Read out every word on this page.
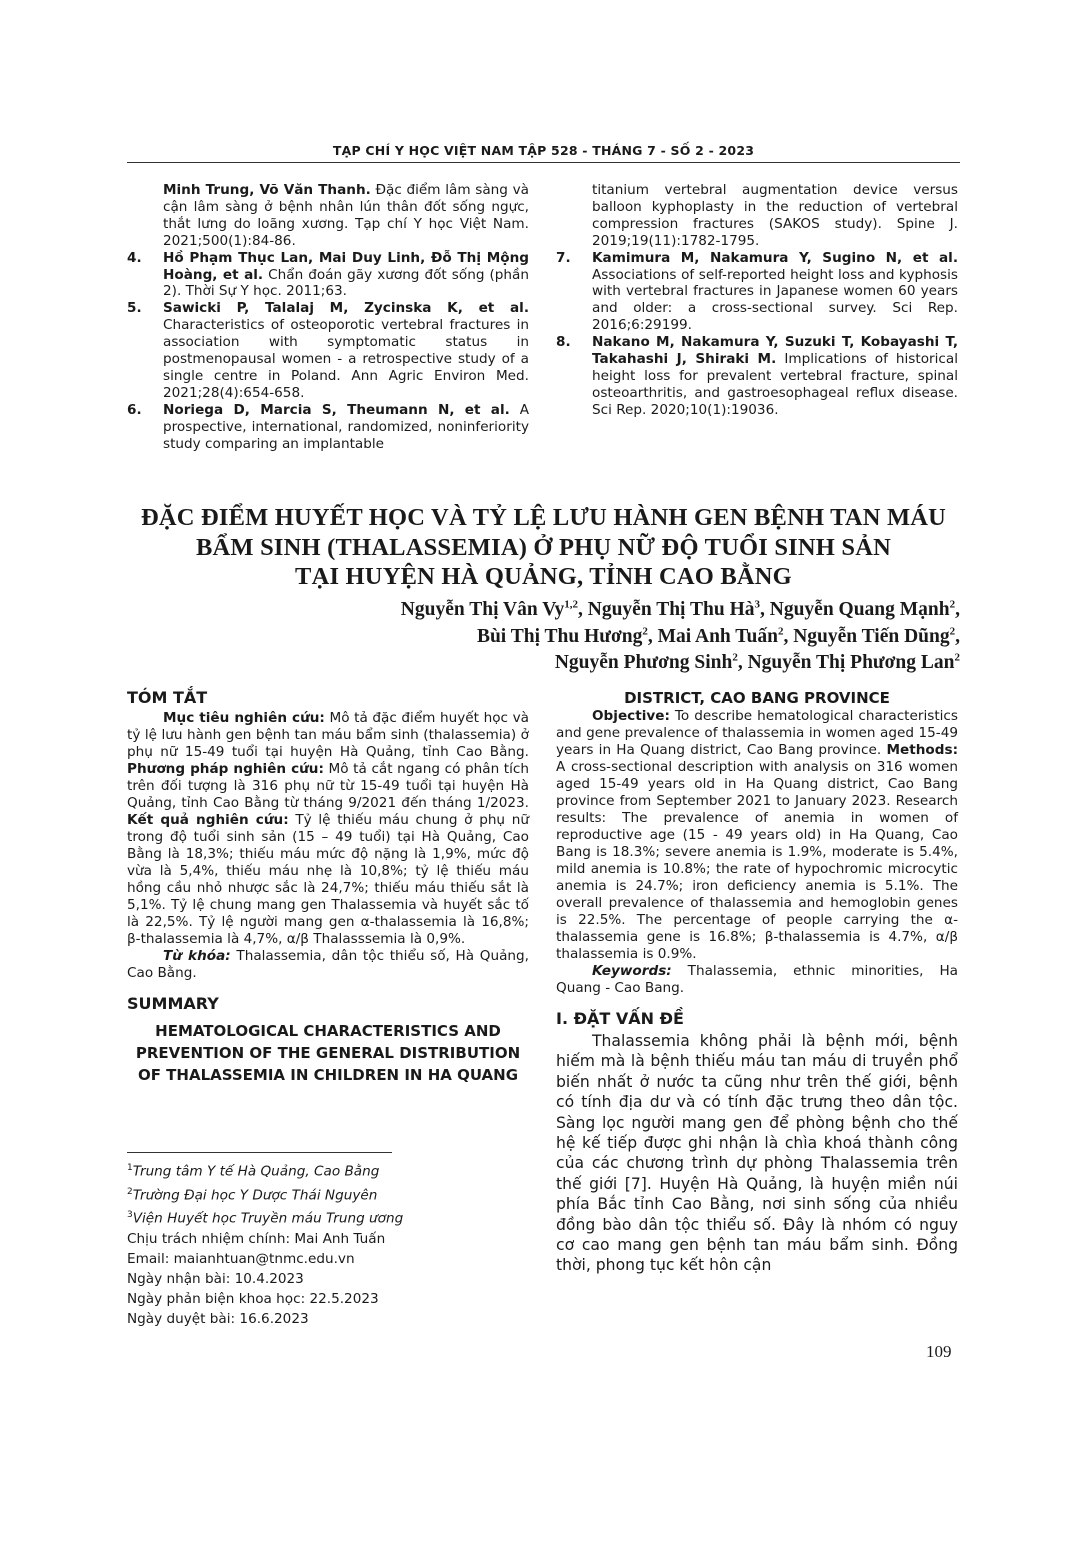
TẠP CHÍ Y HỌC VIỆT NAM TẬP 528 - THÁNG 7 - SỐ 2 - 2023
Minh Trung, Võ Văn Thanh. Đặc điểm lâm sàng và cận lâm sàng ở bệnh nhân lún thân đốt sống ngực, thắt lưng do loãng xương. Tạp chí Y học Việt Nam. 2021;500(1):84-86.
4.	Hồ Phạm Thục Lan, Mai Duy Linh, Đỗ Thị Mộng Hoàng, et al. Chẩn đoán gãy xương đốt sống (phần 2). Thời Sự Y học. 2011;63.
5.	Sawicki P, Talalaj M, Zycinska K, et al. Characteristics of osteoporotic vertebral fractures in association with symptomatic status in postmenopausal women - a retrospective study of a single centre in Poland. Ann Agric Environ Med. 2021;28(4):654-658.
6.	Noriega D, Marcia S, Theumann N, et al. A prospective, international, randomized, noninferiority study comparing an implantable
titanium vertebral augmentation device versus balloon kyphoplasty in the reduction of vertebral compression fractures (SAKOS study). Spine J. 2019;19(11):1782-1795.
7.	Kamimura M, Nakamura Y, Sugino N, et al. Associations of self-reported height loss and kyphosis with vertebral fractures in Japanese women 60 years and older: a cross-sectional survey. Sci Rep. 2016;6:29199.
8.	Nakano M, Nakamura Y, Suzuki T, Kobayashi T, Takahashi J, Shiraki M. Implications of historical height loss for prevalent vertebral fracture, spinal osteoarthritis, and gastroesophageal reflux disease. Sci Rep. 2020;10(1):19036.
ĐẶC ĐIỂM HUYẾT HỌC VÀ TỶ LỆ LƯU HÀNH GEN BỆNH TAN MÁU
BẨM SINH (THALASSEMIA) Ở PHỤ NỮ ĐỘ TUỔI SINH SẢN
TẠI HUYỆN HÀ QUẢNG, TỈNH CAO BẰNG
Nguyễn Thị Vân Vy$^{1,2}$, Nguyễn Thị Thu $Hà^3$, Nguyễn Quang Mạnh$^2$,
Bùi Thị Thu Hương$^2$, Mai Anh Tuấn$^2$, Nguyễn Tiến Dũng$^2$,
Nguyễn Phương Sinh$^2$, Nguyễn Thị Phương Lan$^2$
TÓM TẮT

Mục tiêu nghiên cứu: Mô tả đặc điểm huyết học và tỷ lệ lưu hành gen bệnh tan máu bẩm sinh (thalassemia) ở phụ nữ 15-49 tuổi tại huyện Hà Quảng, tỉnh Cao Bằng. Phương pháp nghiên cứu: Mô tả cắt ngang có phân tích trên đối tượng là 316 phụ nữ từ 15-49 tuổi tại huyện Hà Quảng, tỉnh Cao Bằng từ tháng 9/2021 đến tháng 1/2023. Kết quả nghiên cứu: Tỷ lệ thiếu máu chung ở phụ nữ trong độ tuổi sinh sản (15 – 49 tuổi) tại Hà Quảng, Cao Bằng là 18,3%; thiếu máu mức độ nặng là 1,9%, mức độ vừa là 5,4%, thiếu máu nhẹ là 10,8%; tỷ lệ thiếu máu hồng cầu nhỏ nhược sắc là 24,7%; thiếu máu thiếu sắt là 5,1%. Tỷ lệ chung mang gen Thalassemia và huyết sắc tố là 22,5%. Tỷ lệ người mang gen α-thalassemia là 16,8%; β-thalassemia là 4,7%, α/β Thalasssemia là 0,9%.

Từ khóa: Thalassemia, dân tộc thiểu số, Hà Quảng, Cao Bằng.

SUMMARY
HEMATOLOGICAL CHARACTERISTICS AND
PREVENTION OF THE GENERAL DISTRIBUTION
OF THALASSEMIA IN CHILDREN IN HA QUANG
$^1$Trung tâm Y tế Hà Quảng, Cao Bằng
$^2$Trường Đại học Y Dược Thái Nguyên
$^3$Viện Huyết học Truyền máu Trung ương
Chịu trách nhiệm chính: Mai Anh Tuấn
Email: maianhtuan@tnmc.edu.vn
Ngày nhận bài: 10.4.2023
Ngày phản biện khoa học: 22.5.2023
Ngày duyệt bài: 16.6.2023
DISTRICT, CAO BANG PROVINCE

Objective: To describe hematological characteristics and gene prevalence of thalassemia in women aged 15-49 years in Ha Quang district, Cao Bang province. Methods: A cross-sectional description with analysis on 316 women aged 15-49 years old in Ha Quang district, Cao Bang province from September 2021 to January 2023. Research results: The prevalence of anemia in women of reproductive age (15 - 49 years old) in Ha Quang, Cao Bang is 18.3%; severe anemia is 1.9%, moderate is 5.4%, mild anemia is 10.8%; the rate of hypochromic microcytic anemia is 24.7%; iron deficiency anemia is 5.1%. The overall prevalence of thalassemia and hemoglobin genes is 22.5%. The percentage of people carrying the α-thalassemia gene is 16.8%; β-thalassemia is 4.7%, α/β thalassemia is 0.9%.

Keywords: Thalassemia, ethnic minorities, Ha Quang - Cao Bang.

I. ĐẶT VẤN ĐỀ

Thalassemia không phải là bệnh mới, bệnh hiếm mà là bệnh thiếu máu tan máu di truyền phổ biến nhất ở nước ta cũng như trên thế giới, bệnh có tính địa dư và có tính đặc trưng theo dân tộc. Sàng lọc người mang gen để phòng bệnh cho thế hệ kế tiếp được ghi nhận là chìa khoá thành công của các chương trình dự phòng Thalassemia trên thế giới [7]. Huyện Hà Quảng, là huyện miền núi phía Bắc tỉnh Cao Bằng, nơi sinh sống của nhiều đồng bào dân tộc thiểu số. Đây là nhóm có nguy cơ cao mang gen bệnh tan máu bẩm sinh. Đồng thời, phong tục kết hôn cận

109
